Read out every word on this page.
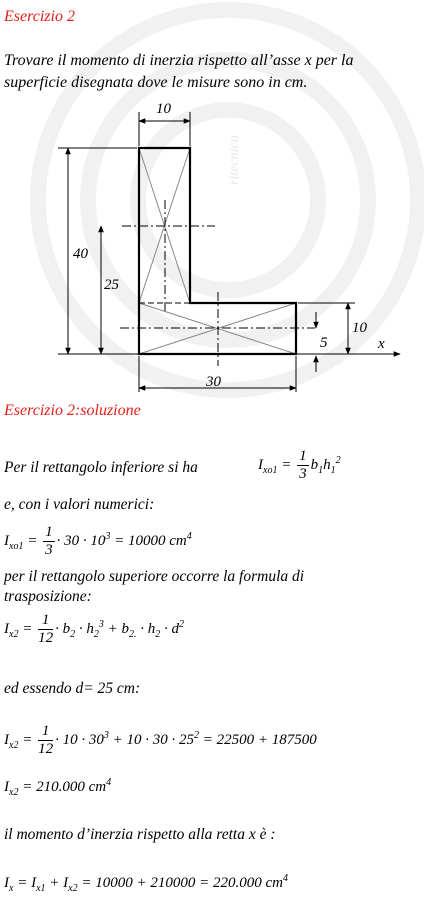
ritecnica
Esercizio 2
Trovare il momento di inerzia rispetto all’asse x per la
superficie disegnata dove le misure sono in cm.
10
40
25
10
5
30
x
Esercizio 2:soluzione
Per il rettangolo inferiore si ha	$I_{xo1} = \frac{1}{3} b_1h_1^2$
e, con i valori numerici:
$I_{xo1} = \frac{1}{3} \cdot 30 \cdot 10^3 = 10000$ $cm^4$
per il rettangolo superiore occorre la formula di
trasposizione:
$I_{x2} = \frac{1}{12} \cdot b_2 \cdot h_2^3 + b_{2.} \cdot h_2 \cdot d^2$
ed essendo d= 25 cm:
$I_{x2} = \frac{1}{12} \cdot 10 \cdot 30^3 + 10 \cdot 30 \cdot 25^2 = 22500 + 187500$
$I_{x2} = 210.000$ $cm^4$
il momento d’inerzia rispetto alla retta x è :
$I_x = I_{x1} + I_{x2} = 10000 + 210000 = 220.000$ $cm^4$
